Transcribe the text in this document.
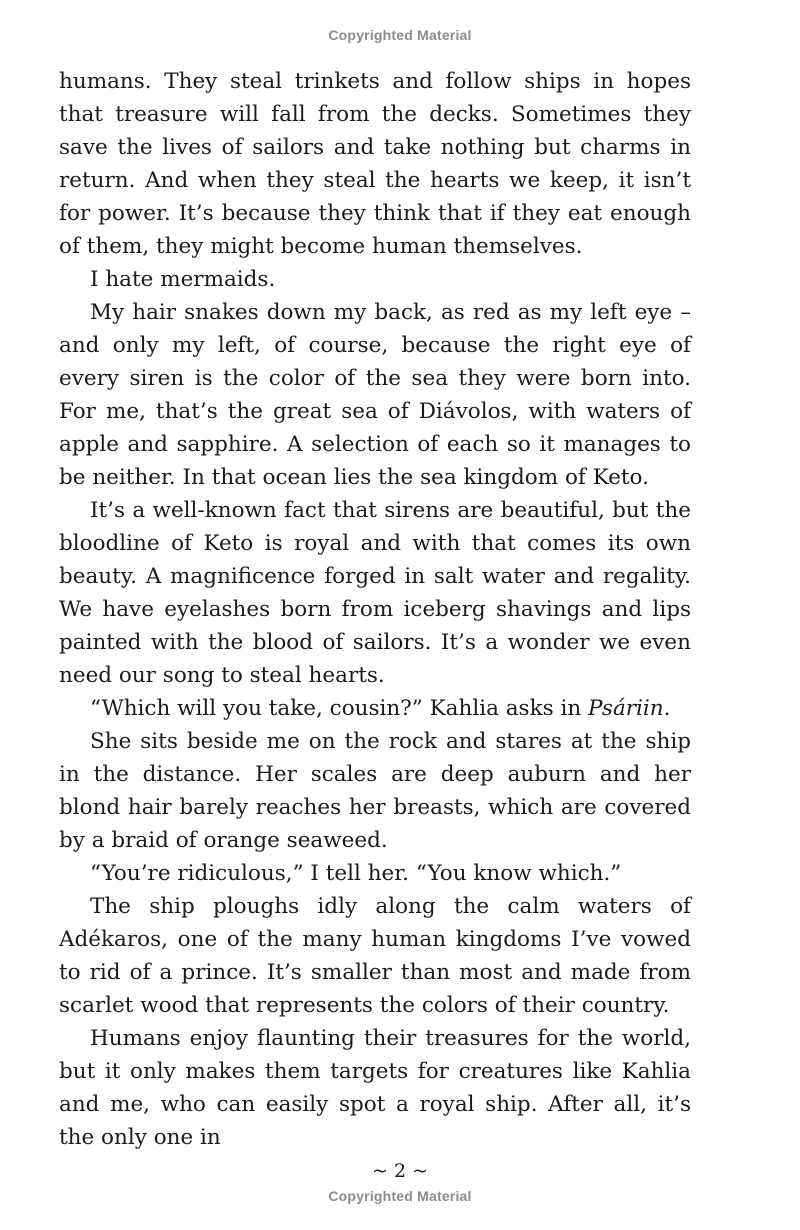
Copyrighted Material

humans. They steal trinkets and follow ships in hopes that treasure will fall from the decks. Sometimes they save the lives of sailors and take nothing but charms in return. And when they steal the hearts we keep, it isn’t for power. It’s because they think that if they eat enough of them, they might become human themselves.

I hate mermaids.

My hair snakes down my back, as red as my left eye – and only my left, of course, because the right eye of every siren is the color of the sea they were born into. For me, that’s the great sea of Diávolos, with waters of apple and sapphire. A selection of each so it manages to be neither. In that ocean lies the sea kingdom of Keto.

It’s a well-known fact that sirens are beautiful, but the bloodline of Keto is royal and with that comes its own beauty. A magnificence forged in salt water and regality. We have eyelashes born from iceberg shavings and lips painted with the blood of sailors. It’s a wonder we even need our song to steal hearts.

“Which will you take, cousin?” Kahlia asks in Psáriin.

She sits beside me on the rock and stares at the ship in the distance. Her scales are deep auburn and her blond hair barely reaches her breasts, which are covered by a braid of orange seaweed.

“You’re ridiculous,” I tell her. “You know which.”

The ship ploughs idly along the calm waters of Adékaros, one of the many human kingdoms I’ve vowed to rid of a prince. It’s smaller than most and made from scarlet wood that represents the colors of their country.

Humans enjoy flaunting their treasures for the world, but it only makes them targets for creatures like Kahlia and me, who can easily spot a royal ship. After all, it’s the only one in

~ 2 ~
Copyrighted Material
